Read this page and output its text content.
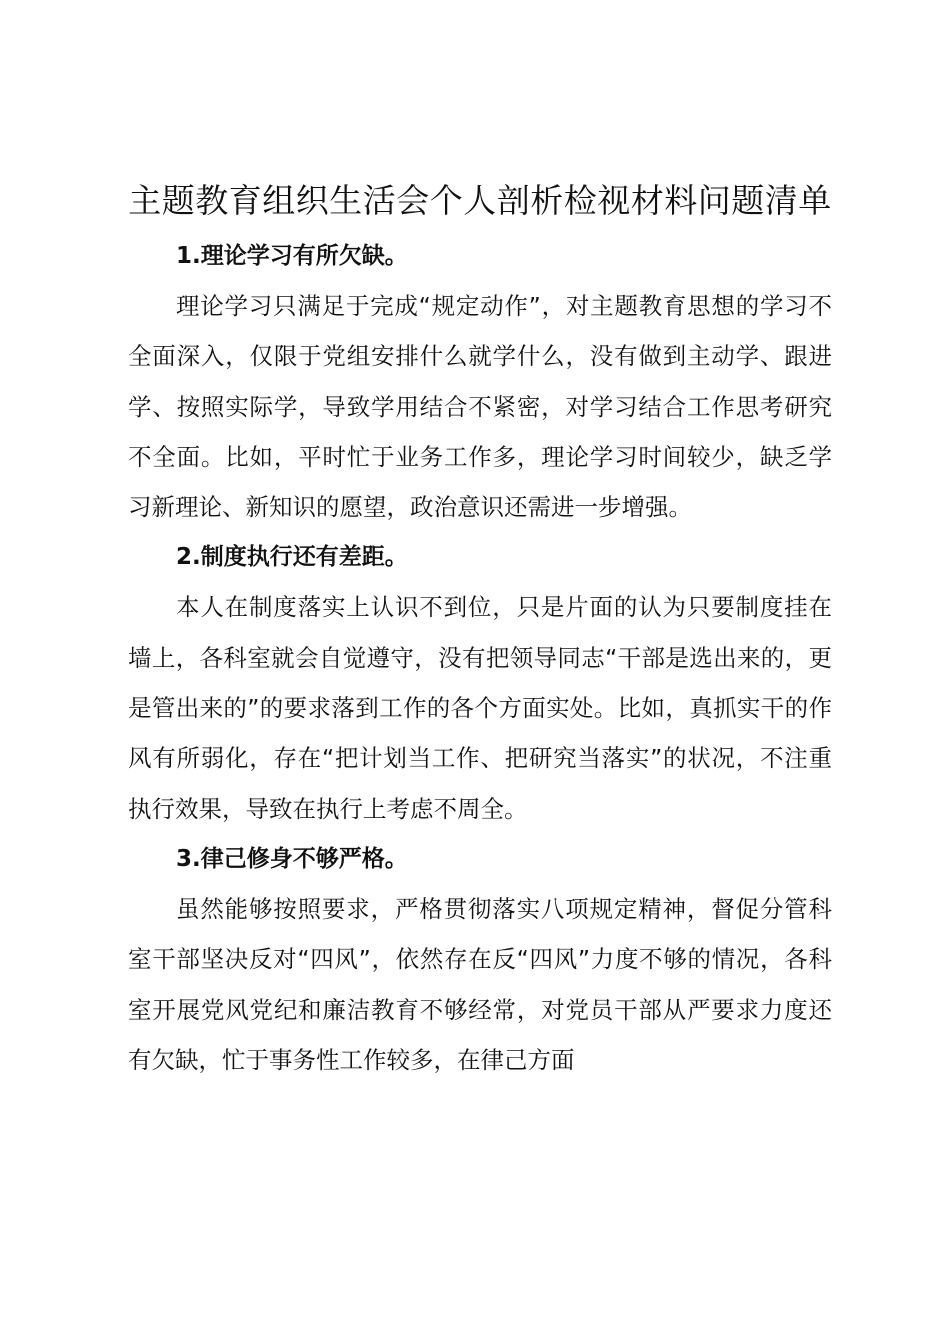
主题教育组织生活会个人剖析检视材料问题清单

1.理论学习有所欠缺。

理论学习只满足于完成“规定动作”，对主题教育思想的学习不全面深入，仅限于党组安排什么就学什么，没有做到主动学、跟进学、按照实际学，导致学用结合不紧密，对学习结合工作思考研究不全面。比如，平时忙于业务工作多，理论学习时间较少，缺乏学习新理论、新知识的愿望，政治意识还需进一步增强。

2.制度执行还有差距。

本人在制度落实上认识不到位，只是片面的认为只要制度挂在墙上，各科室就会自觉遵守，没有把领导同志“干部是选出来的，更是管出来的”的要求落到工作的各个方面实处。比如，真抓实干的作风有所弱化，存在“把计划当工作、把研究当落实”的状况，不注重执行效果，导致在执行上考虑不周全。

3.律己修身不够严格。

虽然能够按照要求，严格贯彻落实八项规定精神，督促分管科室干部坚决反对“四风”，依然存在反“四风”力度不够的情况，各科室开展党风党纪和廉洁教育不够经常，对党员干部从严要求力度还有欠缺，忙于事务性工作较多，在律己方面
